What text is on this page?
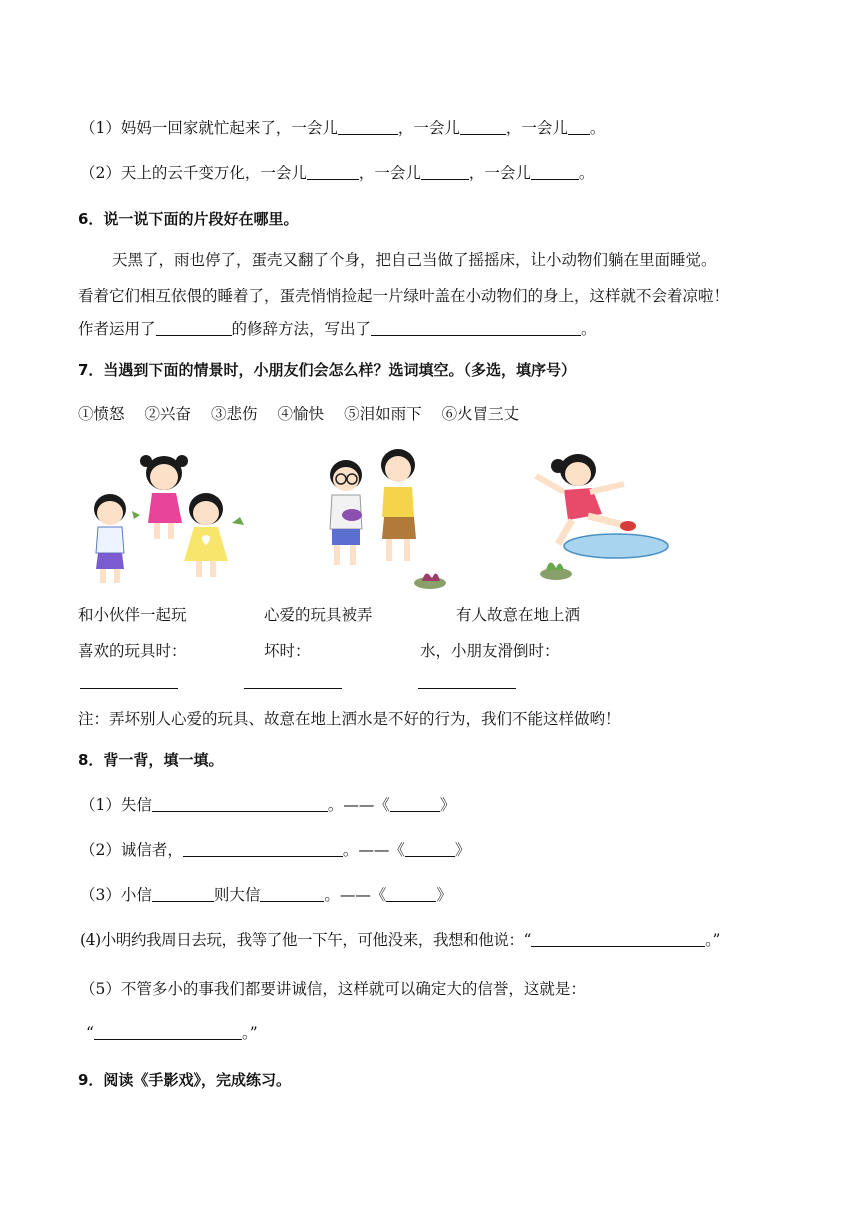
（1）妈妈一回家就忙起来了，一会儿	，一会儿	，一会儿 。
（2）天上的云千变万化，一会儿	，一会儿	，一会儿	。
6．说一说下面的片段好在哪里。
天黑了，雨也停了，蛋壳又翻了个身，把自己当做了摇摇床，让小动物们躺在里面睡觉。
看着它们相互依偎的睡着了，蛋壳悄悄捡起一片绿叶盖在小动物们的身上，这样就不会着凉啦！
作者运用了	的修辞方法，写出了	。
7．当遇到下面的情景时，小朋友们会怎么样？选词填空。（多选，填序号）
①愤怒 ②兴奋 ③悲伤 ④愉快 ⑤泪如雨下 ⑥火冒三丈
和小伙伴一起玩
喜欢的玩具时：
心爱的玩具被弄
坏时：
有人故意在地上洒
水，小朋友滑倒时：
注：弄坏别人心爱的玩具、故意在地上洒水是不好的行为，我们不能这样做哟！
8．背一背，填一填。
（1）失信	。——《	》
（2）诚信者，	。——《	》
（3）小信	则大信	。——《	》
(4)小明约我周日去玩，我等了他一下午，可他没来，我想和他说：“	。”
（5）不管多小的事我们都要讲诚信，这样就可以确定大的信誉，这就是：
“	。”
9．阅读《手影戏》，完成练习。
